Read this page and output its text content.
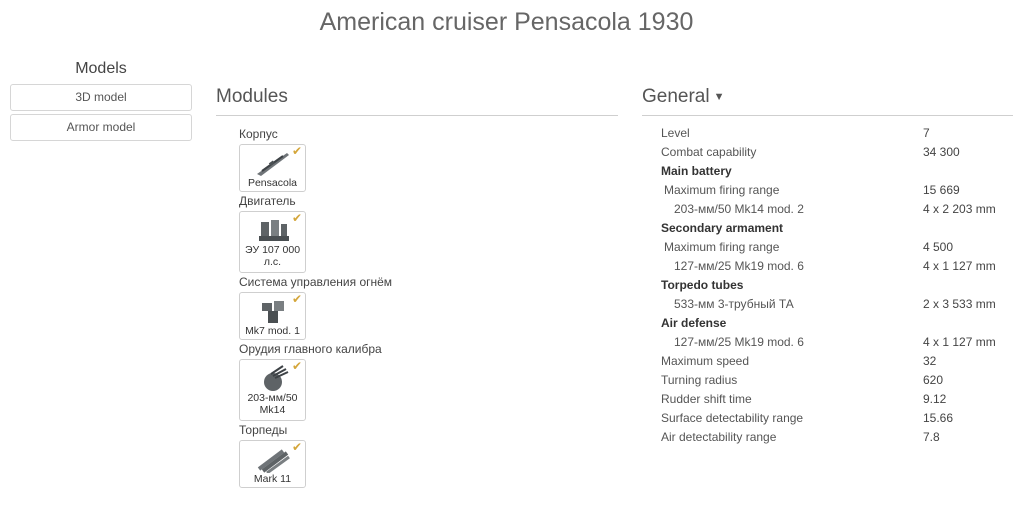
American cruiser Pensacola 1930
Models
3D model
Armor model
Modules
Корпус
✔
Pensacola
Двигатель
✔
ЭУ 107 000 л.с.
Система управления огнём
✔
Mk7 mod. 1
Орудия главного калибра
✔
203-мм/50 Mk14
Торпеды
✔
Mark 11
General ▼
Level	7
Combat capability	34 300
Main battery
Maximum firing range	15 669
203-мм/50 Mk14 mod. 2	4 x 2 203 mm
Secondary armament
Maximum firing range	4 500
127-мм/25 Mk19 mod. 6	4 x 1 127 mm
Torpedo tubes
533-мм 3-трубный ТА	2 x 3 533 mm
Air defense
127-мм/25 Mk19 mod. 6	4 x 1 127 mm
Maximum speed	32
Turning radius	620
Rudder shift time	9.12
Surface detectability range	15.66
Air detectability range	7.8
